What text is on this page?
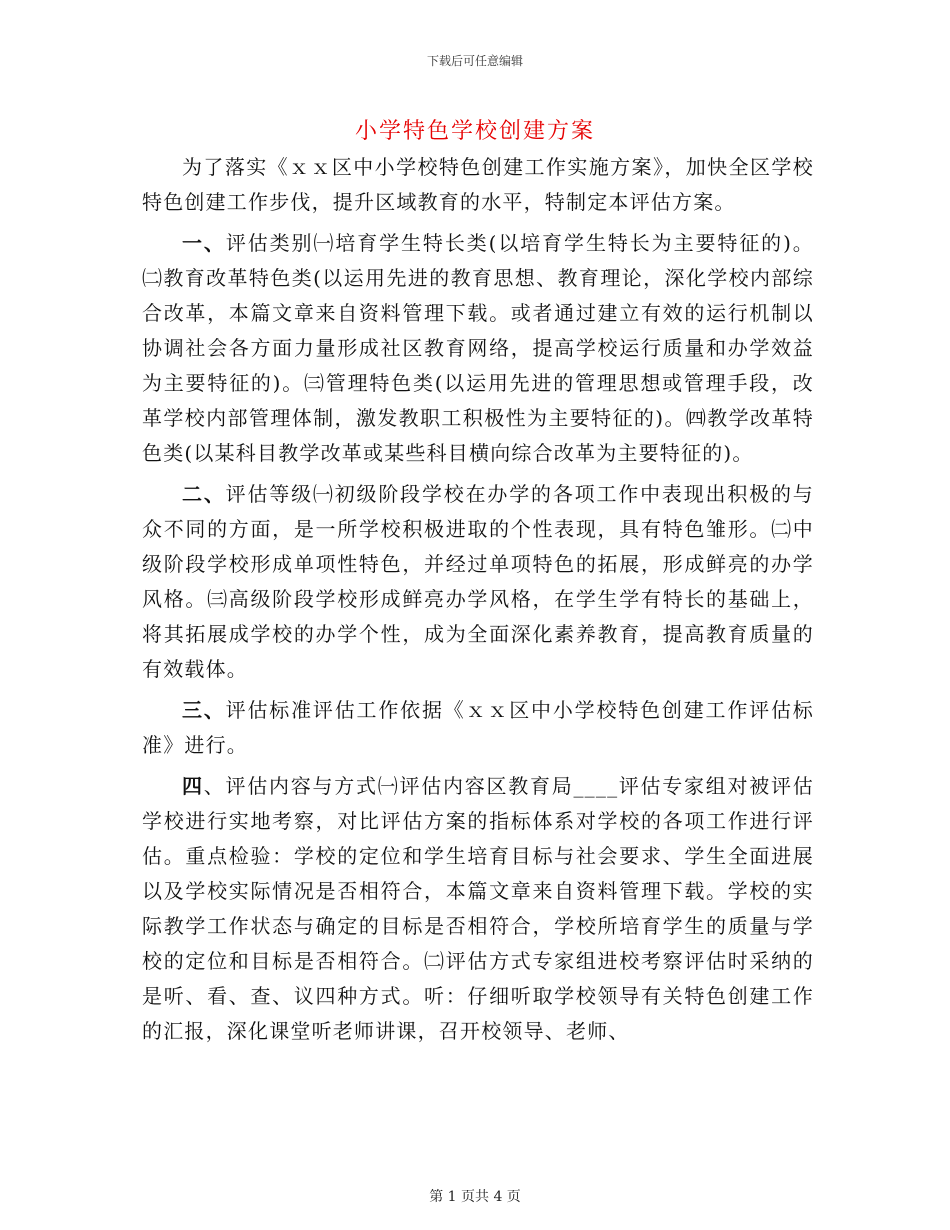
下载后可任意编辑
小学特色学校创建方案

为了落实《ｘｘ区中小学校特色创建工作实施方案》，加快全区学校特色创建工作步伐，提升区域教育的水平，特制定本评估方案。

一、评估类别㈠培育学生特长类(以培育学生特长为主要特征的)。㈡教育改革特色类(以运用先进的教育思想、教育理论，深化学校内部综合改革，本篇文章来自资料管理下载。或者通过建立有效的运行机制以协调社会各方面力量形成社区教育网络，提高学校运行质量和办学效益为主要特征的)。㈢管理特色类(以运用先进的管理思想或管理手段，改革学校内部管理体制，激发教职工积极性为主要特征的)。㈣教学改革特色类(以某科目教学改革或某些科目横向综合改革为主要特征的)。

二、评估等级㈠初级阶段学校在办学的各项工作中表现出积极的与众不同的方面，是一所学校积极进取的个性表现，具有特色雏形。㈡中级阶段学校形成单项性特色，并经过单项特色的拓展，形成鲜亮的办学风格。㈢高级阶段学校形成鲜亮办学风格，在学生学有特长的基础上，将其拓展成学校的办学个性，成为全面深化素养教育，提高教育质量的有效载体。

三、评估标准评估工作依据《ｘｘ区中小学校特色创建工作评估标准》进行。

四、评估内容与方式㈠评估内容区教育局____评估专家组对被评估学校进行实地考察，对比评估方案的指标体系对学校的各项工作进行评估。重点检验：学校的定位和学生培育目标与社会要求、学生全面进展以及学校实际情况是否相符合，本篇文章来自资料管理下载。学校的实际教学工作状态与确定的目标是否相符合，学校所培育学生的质量与学校的定位和目标是否相符合。㈡评估方式专家组进校考察评估时采纳的是听、看、查、议四种方式。听：仔细听取学校领导有关特色创建工作的汇报，深化课堂听老师讲课，召开校领导、老师、

第 1 页共 4 页
